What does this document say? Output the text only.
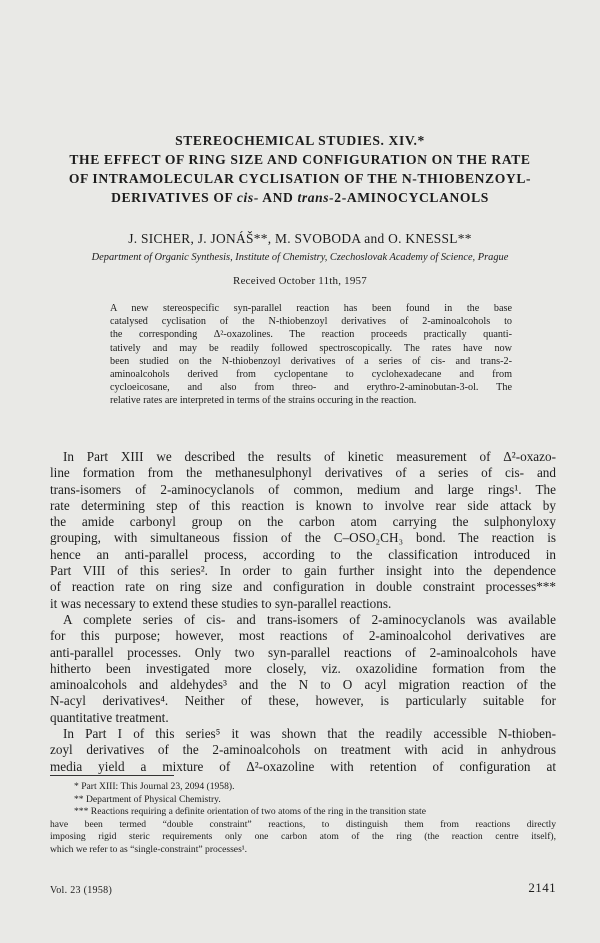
STEREOCHEMICAL STUDIES. XIV.*
THE EFFECT OF RING SIZE AND CONFIGURATION ON THE RATE
OF INTRAMOLECULAR CYCLISATION OF THE N-THIOBENZOYL-
DERIVATIVES OF cis- AND trans-2-AMINOCYCLANOLS
J. SICHER, J. JONÁŠ**, M. SVOBODA and O. KNESSL**
Department of Organic Synthesis, Institute of Chemistry, Czechoslovak Academy of Science, Prague
Received October 11th, 1957
A new stereospecific syn-parallel reaction has been found in the base
catalysed cyclisation of the N-thiobenzoyl derivatives of 2-aminoalcohols to
the corresponding Δ²-oxazolines. The reaction proceeds practically quanti-
tatively and may be readily followed spectroscopically. The rates have now
been studied on the N-thiobenzoyl derivatives of a series of cis- and trans-2-
aminoalcohols derived from cyclopentane to cyclohexadecane and from
cycloeicosane, and also from threo- and erythro-2-aminobutan-3-ol. The
relative rates are interpreted in terms of the strains occuring in the reaction.
In Part XIII we described the results of kinetic measurement of Δ²-oxazo-
line formation from the methanesulphonyl derivatives of a series of cis- and
trans-isomers of 2-aminocyclanols of common, medium and large rings¹. The
rate determining step of this reaction is known to involve rear side attack by
the amide carbonyl group on the carbon atom carrying the sulphonyloxy
grouping, with simultaneous fission of the C–OSO₂CH₃ bond. The reaction is
hence an anti-parallel process, according to the classification introduced in
Part VIII of this series². In order to gain further insight into the dependence
of reaction rate on ring size and configuration in double constraint processes***
it was necessary to extend these studies to syn-parallel reactions.
A complete series of cis- and trans-isomers of 2-aminocyclanols was available
for this purpose; however, most reactions of 2-aminoalcohol derivatives are
anti-parallel processes. Only two syn-parallel reactions of 2-aminoalcohols have
hitherto been investigated more closely, viz. oxazolidine formation from the
aminoalcohols and aldehydes³ and the N to O acyl migration reaction of the
N-acyl derivatives⁴. Neither of these, however, is particularly suitable for
quantitative treatment.
In Part I of this series⁵ it was shown that the readily accessible N-thioben-
zoyl derivatives of the 2-aminoalcohols on treatment with acid in anhydrous
media yield a mixture of Δ²-oxazoline with retention of configuration at
* Part XIII: This Journal 23, 2094 (1958).
** Department of Physical Chemistry.
*** Reactions requiring a definite orientation of two atoms of the ring in the transition state
have been termed “double constraint” reactions, to distinguish them from reactions directly
imposing rigid steric requirements only one carbon atom of the ring (the reaction centre itself),
which we refer to as “single-constraint” processes¹.
Vol. 23 (1958)	2141
